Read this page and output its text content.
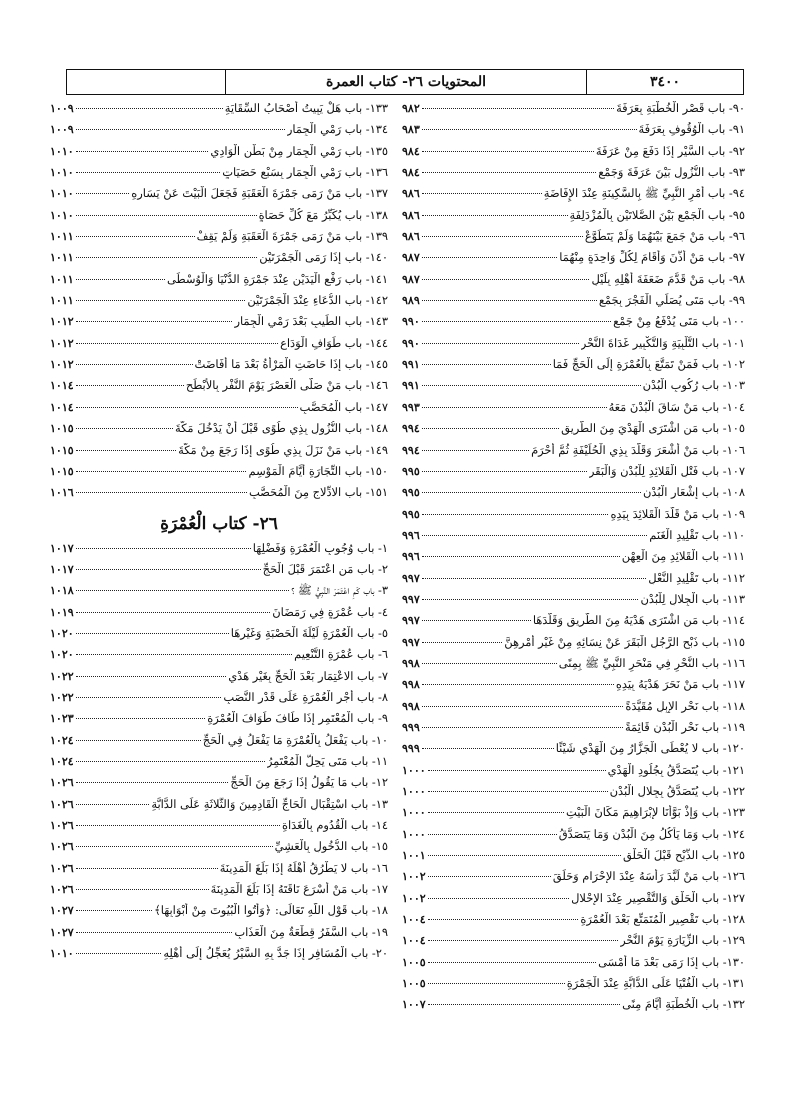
المحتويات ٢٦- كتاب العمرة	٣٤٠٠
٩٠- باب قَصْرِ الْخُطْبَةِ بِعَرَفَةَ
٩٨٢
٩١- باب الْوُقُوفِ بِعَرَفَةَ
٩٨٣
٩٢- باب السَّيْرِ إِذَا دَفَعَ مِنْ عَرَفَةَ
٩٨٤
٩٣- باب النُّزُولِ بَيْنَ عَرَفَةَ وَجَمْعٍ
٩٨٤
٩٤- باب أَمْرِ النَّبِيِّ ﷺ بِالسَّكِينَةِ عِنْدَ الإِفَاضَةِ
٩٨٦
٩٥- باب الْجَمْعِ بَيْنَ الصَّلاتَيْنِ بِالْمُزْدَلِفَةِ
٩٨٦
٩٦- باب مَنْ جَمَعَ بَيْنَهُمَا وَلَمْ يَتَطَوَّعْ
٩٨٦
٩٧- باب مَنْ أَذَّنَ وَأَقَامَ لِكُلِّ وَاحِدَةٍ مِنْهُمَا
٩٨٧
٩٨- باب مَنْ قَدَّمَ ضَعَفَةَ أَهْلِهِ بِلَيْلٍ
٩٨٧
٩٩- باب مَتَى يُصَلِّي الْفَجْرَ بِجَمْعٍ
٩٨٩
١٠٠- باب مَتَى يُدْفَعُ مِنْ جَمْعٍ
٩٩٠
١٠١- باب التَّلْبِيَةِ وَالتَّكْبِيرِ غَدَاةَ النَّحْرِ
٩٩٠
١٠٢- باب فَمَنْ تَمَتَّعَ بِالْعُمْرَةِ إِلَى الْحَجِّ فَمَا
٩٩١
١٠٣- باب رُكُوبِ الْبُدْنِ
٩٩١
١٠٤- باب مَنْ سَاقَ الْبُدْنَ مَعَهُ
٩٩٣
١٠٥- باب مَنِ اشْتَرَى الْهَدْيَ مِنَ الطَّرِيقِ
٩٩٤
١٠٦- باب مَنْ أَشْعَرَ وَقَلَّدَ بِذِي الْحُلَيْفَةِ ثُمَّ أَحْرَمَ
٩٩٤
١٠٧- باب فَتْلِ الْقَلائِدِ لِلْبُدْنِ وَالْبَقَرِ
٩٩٥
١٠٨- باب إِشْعَارِ الْبُدْنِ
٩٩٥
١٠٩- باب مَنْ قَلَّدَ الْقَلائِدَ بِيَدِهِ
٩٩٥
١١٠- باب تَقْلِيدِ الْغَنَمِ
٩٩٦
١١١- باب الْقَلائِدِ مِنَ الْعِهْنِ
٩٩٦
١١٢- باب تَقْلِيدِ النَّعْلِ
٩٩٧
١١٣- باب الْجِلالِ لِلْبُدْنِ
٩٩٧
١١٤- باب مَنِ اشْتَرَى هَدْيَهُ مِنَ الطَّرِيقِ وَقَلَّدَهَا
٩٩٧
١١٥- باب ذَبْحِ الرَّجُلِ الْبَقَرَ عَنْ نِسَائِهِ مِنْ غَيْرِ أَمْرِهِنَّ
٩٩٧
١١٦- باب النَّحْرِ فِي مَنْحَرِ النَّبِيِّ ﷺ بِمِنًى
٩٩٨
١١٧- باب مَنْ نَحَرَ هَدْيَهُ بِيَدِهِ
٩٩٨
١١٨- باب نَحْرِ الإِبِلِ مُقَيَّدَةً
٩٩٨
١١٩- باب نَحْرِ الْبُدْنِ قَائِمَةً
٩٩٩
١٢٠- باب لا يُعْطَى الْجَزَّارُ مِنَ الْهَدْيِ شَيْئًا
٩٩٩
١٢١- باب يُتَصَدَّقُ بِجُلُودِ الْهَدْيِ
١٠٠٠
١٢٢- باب يُتَصَدَّقُ بِجِلالِ الْبُدْنِ
١٠٠٠
١٢٣- باب وَإِذْ بَوَّأْنَا لإِبْرَاهِيمَ مَكَانَ الْبَيْتِ
١٠٠٠
١٢٤- باب وَمَا يَأْكُلُ مِنَ الْبُدْنِ وَمَا يَتَصَدَّقُ
١٠٠٠
١٢٥- باب الذَّبْحِ قَبْلَ الْحَلْقِ
١٠٠١
١٢٦- باب مَنْ لَبَّدَ رَأْسَهُ عِنْدَ الإِحْرَامِ وَحَلَقَ
١٠٠٢
١٢٧- باب الْحَلْقِ وَالتَّقْصِيرِ عِنْدَ الإِحْلالِ
١٠٠٢
١٢٨- باب تَقْصِيرِ الْمُتَمَتِّعِ بَعْدَ الْعُمْرَةِ
١٠٠٤
١٢٩- باب الزِّيَارَةِ يَوْمَ النَّحْرِ
١٠٠٤
١٣٠- باب إِذَا رَمَى بَعْدَ مَا أَمْسَى
١٠٠٥
١٣١- باب الْفُتْيَا عَلَى الدَّابَّةِ عِنْدَ الْجَمْرَةِ
١٠٠٥
١٣٢- باب الْخُطْبَةِ أَيَّامَ مِنًى
١٠٠٧
١٣٣- باب هَلْ يَبِيتُ أَصْحَابُ السِّقَايَةِ
١٠٠٩
١٣٤- باب رَمْيِ الْجِمَارِ
١٠٠٩
١٣٥- باب رَمْيِ الْجِمَارِ مِنْ بَطْنِ الْوَادِي
١٠١٠
١٣٦- باب رَمْيِ الْجِمَارِ بِسَبْعِ حَصَيَاتٍ
١٠١٠
١٣٧- باب مَنْ رَمَى جَمْرَةَ الْعَقَبَةِ فَجَعَلَ الْبَيْتَ عَنْ يَسَارِهِ
١٠١٠
١٣٨- باب يُكَبِّرُ مَعَ كُلِّ حَصَاةٍ
١٠١٠
١٣٩- باب مَنْ رَمَى جَمْرَةَ الْعَقَبَةِ وَلَمْ يَقِفْ
١٠١١
١٤٠- باب إِذَا رَمَى الْجَمْرَتَيْنِ
١٠١١
١٤١- باب رَفْعِ الْيَدَيْنِ عِنْدَ جَمْرَةِ الدُّنْيَا وَالْوُسْطَى
١٠١١
١٤٢- باب الدُّعَاءِ عِنْدَ الْجَمْرَتَيْنِ
١٠١١
١٤٣- باب الطِّيبِ بَعْدَ رَمْيِ الْجِمَارِ
١٠١٢
١٤٤- باب طَوَافِ الْوَدَاعِ
١٠١٢
١٤٥- باب إِذَا حَاضَتِ الْمَرْأَةُ بَعْدَ مَا أَفَاضَتْ
١٠١٢
١٤٦- باب مَنْ صَلَّى الْعَصْرَ يَوْمَ النَّفْرِ بِالأَبْطَحِ
١٠١٤
١٤٧- باب الْمُحَصَّبِ
١٠١٤
١٤٨- باب النُّزُولِ بِذِي طُوًى قَبْلَ أَنْ يَدْخُلَ مَكَّةَ
١٠١٥
١٤٩- باب مَنْ نَزَلَ بِذِي طُوًى إِذَا رَجَعَ مِنْ مَكَّةَ
١٠١٥
١٥٠- باب التِّجَارَةِ أَيَّامَ الْمَوْسِمِ
١٠١٥
١٥١- باب الادِّلاجِ مِنَ الْمُحَصَّبِ
١٠١٦
٢٦- كتاب الْعُمْرَةِ
١- باب وُجُوبِ الْعُمْرَةِ وَفَضْلِهَا
١٠١٧
٢- باب مَنِ اعْتَمَرَ قَبْلَ الْحَجِّ
١٠١٧
٣- باب كَمِ اعْتَمَرَ النَّبِيُّ ﷺ ؟
١٠١٨
٤- باب عُمْرَةٍ فِي رَمَضَانَ
١٠١٩
٥- باب الْعُمْرَةِ لَيْلَةَ الْحَصْبَةِ وَغَيْرِهَا
١٠٢٠
٦- باب عُمْرَةِ التَّنْعِيمِ
١٠٢٠
٧- باب الاعْتِمَارِ بَعْدَ الْحَجِّ بِغَيْرِ هَدْيٍ
١٠٢٢
٨- باب أَجْرِ الْعُمْرَةِ عَلَى قَدْرِ النَّصَبِ
١٠٢٢
٩- باب الْمُعْتَمِرِ إِذَا طَافَ طَوَافَ الْعُمْرَةِ
١٠٢٣
١٠- باب يَفْعَلُ بِالْعُمْرَةِ مَا يَفْعَلُ فِي الْحَجِّ
١٠٢٤
١١- باب مَتَى يَحِلُّ الْمُعْتَمِرُ
١٠٢٤
١٢- باب مَا يَقُولُ إِذَا رَجَعَ مِنَ الْحَجِّ
١٠٢٦
١٣- باب اسْتِقْبَالِ الْحَاجِّ الْقَادِمِينَ وَالثَّلاثَةِ عَلَى الدَّابَّةِ
١٠٢٦
١٤- باب الْقُدُومِ بِالْغَدَاةِ
١٠٢٦
١٥- باب الدُّخُولِ بِالْعَشِيِّ
١٠٢٦
١٦- باب لا يَطْرُقُ أَهْلَهُ إِذَا بَلَغَ الْمَدِينَةَ
١٠٢٦
١٧- باب مَنْ أَسْرَعَ نَاقَتَهُ إِذَا بَلَغَ الْمَدِينَةَ
١٠٢٦
١٨- باب قَوْلِ اللَّهِ تَعَالَى: ﴿وَأْتُوا الْبُيُوتَ مِنْ أَبْوَابِهَا﴾
١٠٢٧
١٩- باب السَّفَرُ قِطْعَةٌ مِنَ الْعَذَابِ
١٠٢٧
٢٠- باب الْمُسَافِرِ إِذَا جَدَّ بِهِ السَّيْرُ يُعَجِّلُ إِلَى أَهْلِهِ
١٠١٠
